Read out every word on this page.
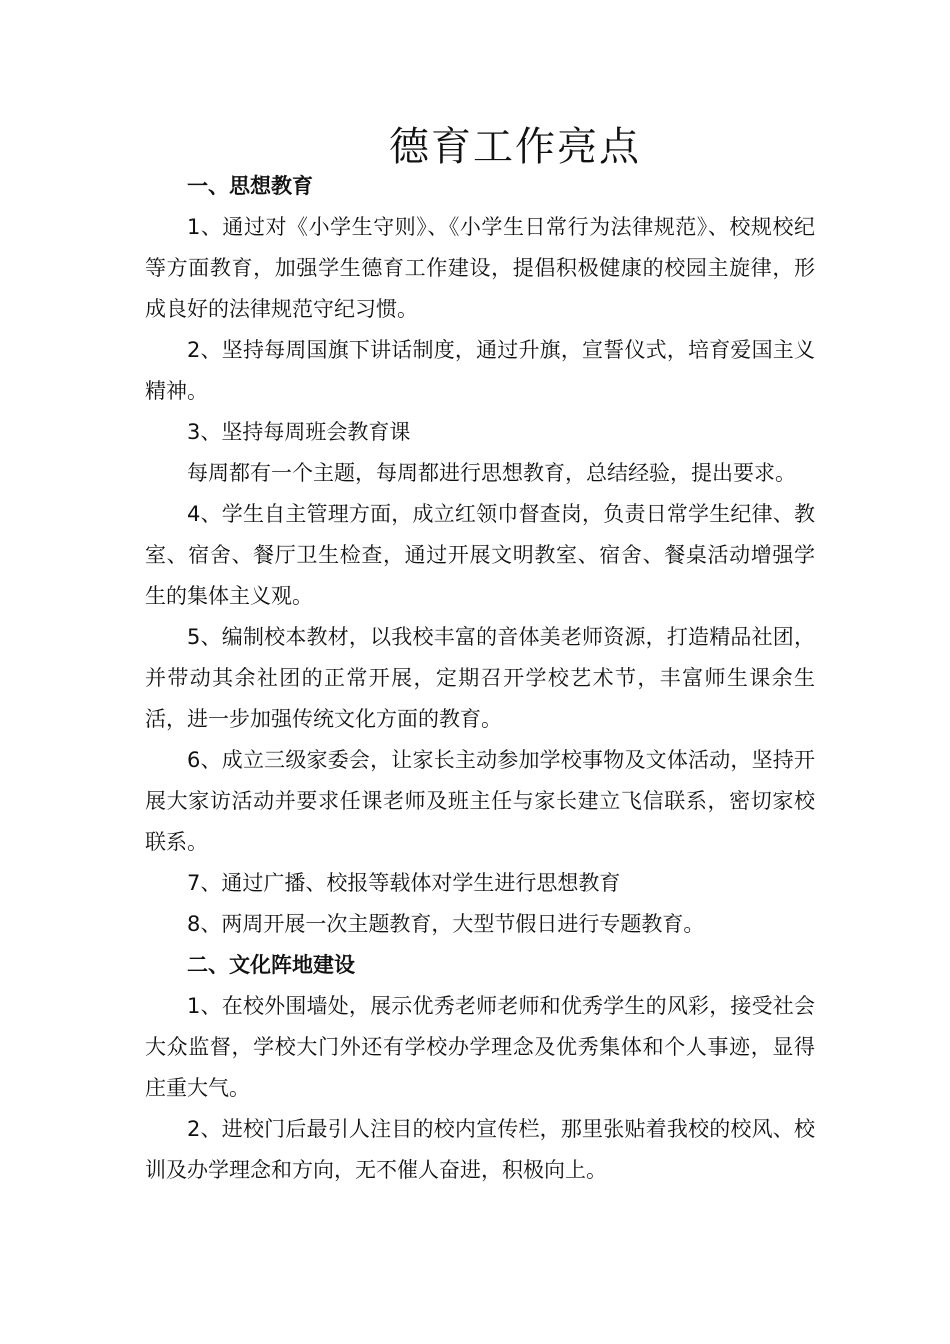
德育工作亮点

一、思想教育

1、通过对《小学生守则》、《小学生日常行为法律规范》、校规校纪等方面教育，加强学生德育工作建设，提倡积极健康的校园主旋律，形成良好的法律规范守纪习惯。

2、坚持每周国旗下讲话制度，通过升旗，宣誓仪式，培育爱国主义精神。

3、坚持每周班会教育课

每周都有一个主题，每周都进行思想教育，总结经验，提出要求。

4、学生自主管理方面，成立红领巾督查岗，负责日常学生纪律、教室、宿舍、餐厅卫生检查，通过开展文明教室、宿舍、餐桌活动增强学生的集体主义观。

5、编制校本教材，以我校丰富的音体美老师资源，打造精品社团，并带动其余社团的正常开展，定期召开学校艺术节，丰富师生课余生活，进一步加强传统文化方面的教育。

6、成立三级家委会，让家长主动参加学校事物及文体活动，坚持开展大家访活动并要求任课老师及班主任与家长建立飞信联系，密切家校联系。

7、通过广播、校报等载体对学生进行思想教育

8、两周开展一次主题教育，大型节假日进行专题教育。

二、文化阵地建设

1、在校外围墙处，展示优秀老师老师和优秀学生的风彩，接受社会大众监督，学校大门外还有学校办学理念及优秀集体和个人事迹，显得庄重大气。

2、进校门后最引人注目的校内宣传栏，那里张贴着我校的校风、校训及办学理念和方向，无不催人奋进，积极向上。
